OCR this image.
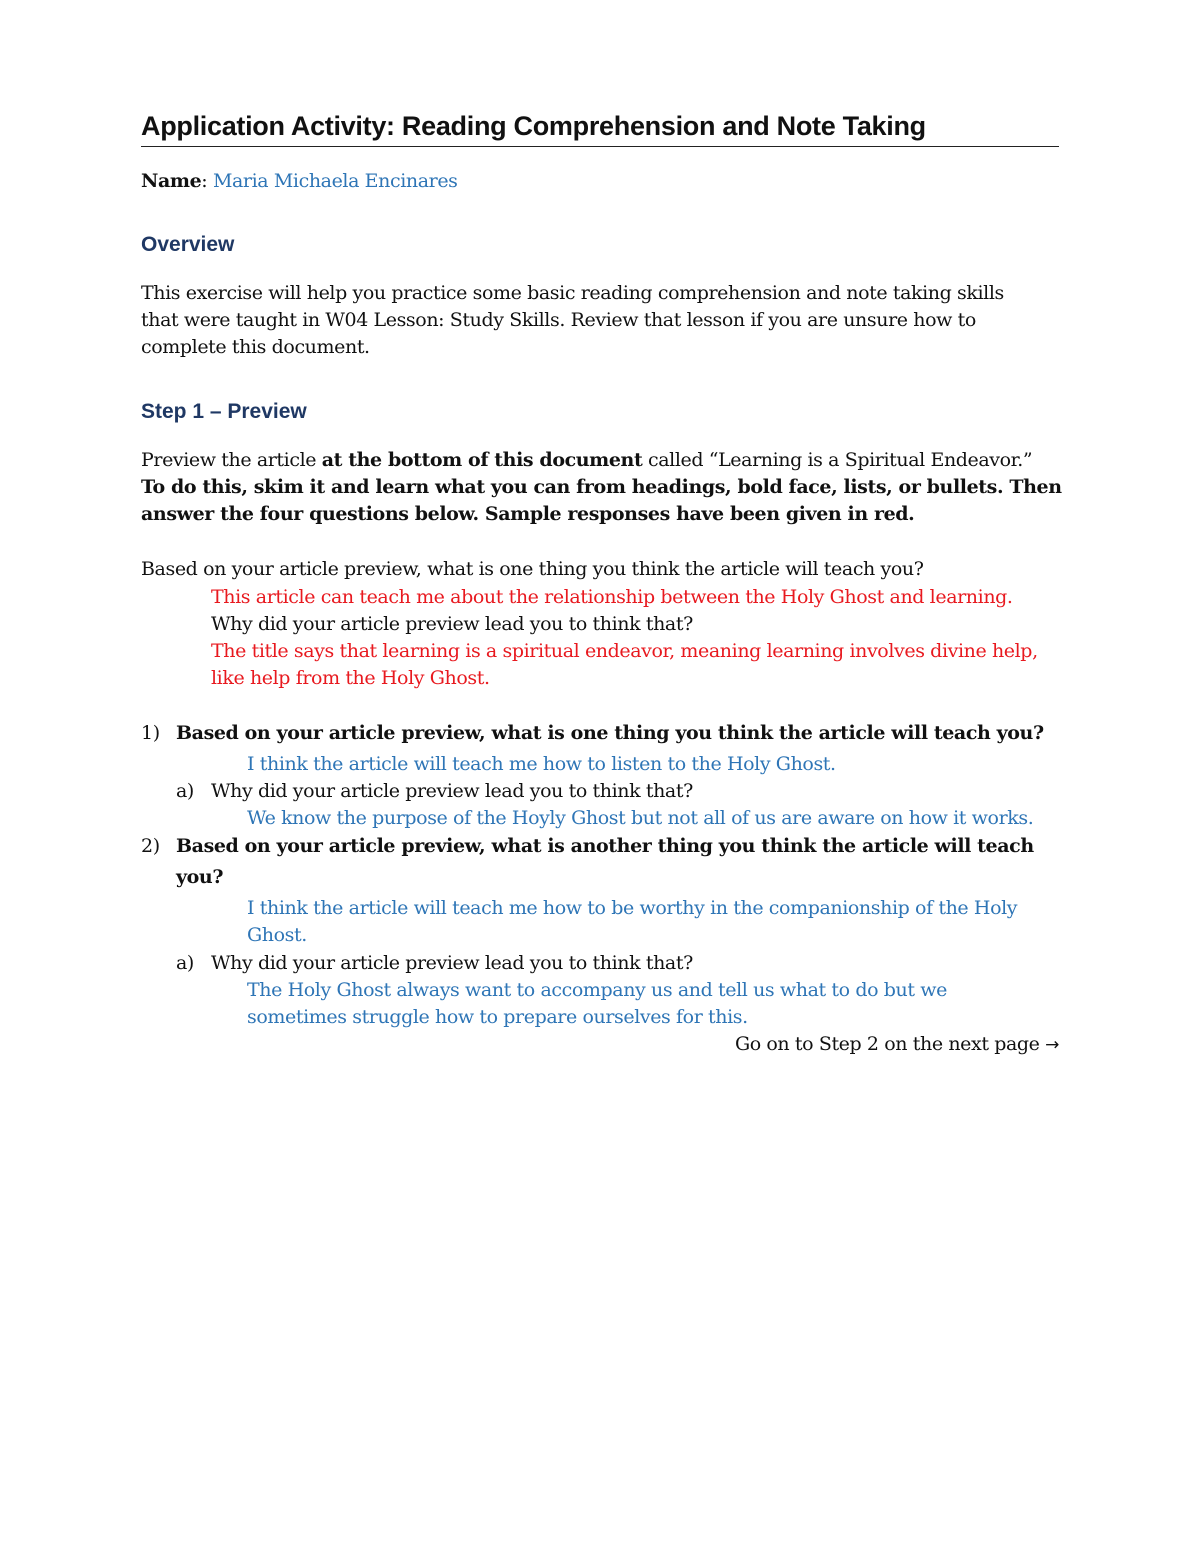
Application Activity: Reading Comprehension and Note Taking
Name: Maria Michaela Encinares
Overview
This exercise will help you practice some basic reading comprehension and note taking skills
that were taught in W04 Lesson: Study Skills. Review that lesson if you are unsure how to
complete this document.
Step 1 – Preview
Preview the article at the bottom of this document called “Learning is a Spiritual Endeavor.”
To do this, skim it and learn what you can from headings, bold face, lists, or bullets. Then
answer the four questions below. Sample responses have been given in red.
Based on your article preview, what is one thing you think the article will teach you?
This article can teach me about the relationship between the Holy Ghost and learning.
Why did your article preview lead you to think that?
The title says that learning is a spiritual endeavor, meaning learning involves divine help,
like help from the Holy Ghost.
1) Based on your article preview, what is one thing you think the article will teach you?
I think the article will teach me how to listen to the Holy Ghost.
a) Why did your article preview lead you to think that?
We know the purpose of the Hoyly Ghost but not all of us are aware on how it works.
2) Based on your article preview, what is another thing you think the article will teach
you?
I think the article will teach me how to be worthy in the companionship of the Holy
Ghost.
a) Why did your article preview lead you to think that?
The Holy Ghost always want to accompany us and tell us what to do but we
sometimes struggle how to prepare ourselves for this.
Go on to Step 2 on the next page →
